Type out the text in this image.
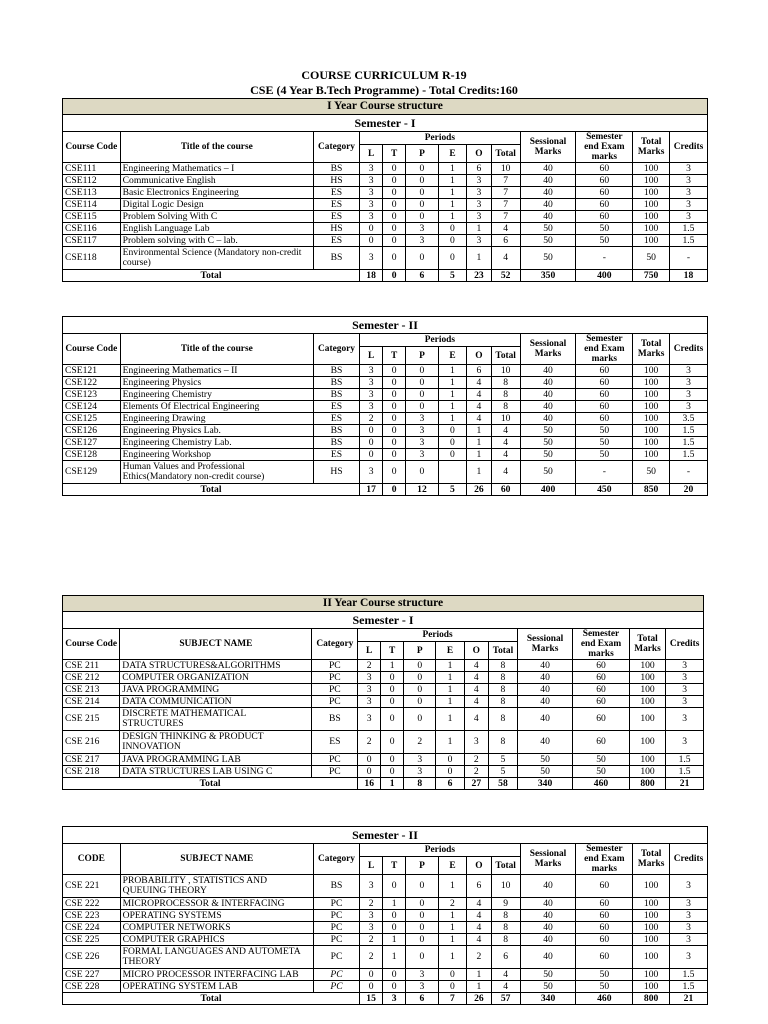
COURSE CURRICULUM R-19
CSE (4 Year B.Tech Programme) - Total Credits:160
I Year Course structure
Semester - I
Course Code	Title of the course	Category	Periods						Sessional Marks	Semester end Exam marks	Total Marks	Credits
			L	T	P	E	O	Total				
CSE111	Engineering Mathematics – I	BS	3	0	0	1	6	10	40	60	100	3
CSE112	Communicative English	HS	3	0	0	1	3	7	40	60	100	3
CSE113	Basic Electronics Engineering	ES	3	0	0	1	3	7	40	60	100	3
CSE114	Digital Logic Design	ES	3	0	0	1	3	7	40	60	100	3
CSE115	Problem Solving With C	ES	3	0	0	1	3	7	40	60	100	3
CSE116	English Language Lab	HS	0	0	3	0	1	4	50	50	100	1.5
CSE117	Problem solving with C – lab.	ES	0	0	3	0	3	6	50	50	100	1.5
CSE118	Environmental Science (Mandatory non-credit course)	BS	3	0	0	0	1	4	50	-	50	-
Total			18	0	6	5	23	52	350	400	750	18
Semester - II
Course Code	Title of the course	Category	Periods						Sessional Marks	Semester end Exam marks	Total Marks	Credits
			L	T	P	E	O	Total				
CSE121	Engineering Mathematics – II	BS	3	0	0	1	6	10	40	60	100	3
CSE122	Engineering Physics	BS	3	0	0	1	4	8	40	60	100	3
CSE123	Engineering Chemistry	BS	3	0	0	1	4	8	40	60	100	3
CSE124	Elements Of Electrical Engineering	ES	3	0	0	1	4	8	40	60	100	3
CSE125	Engineering Drawing	ES	2	0	3	1	4	10	40	60	100	3.5
CSE126	Engineering Physics Lab.	BS	0	0	3	0	1	4	50	50	100	1.5
CSE127	Engineering Chemistry Lab.	BS	0	0	3	0	1	4	50	50	100	1.5
CSE128	Engineering Workshop	ES	0	0	3	0	1	4	50	50	100	1.5
CSE129	Human Values and Professional Ethics(Mandatory non-credit course)	HS	3	0	0		1	4	50	-	50	-
Total			17	0	12	5	26	60	400	450	850	20
II Year Course structure
Semester - I
Course Code	SUBJECT NAME	Category	Periods						Sessional Marks	Semester end Exam marks	Total Marks	Credits
			L	T	P	E	O	Total				
CSE 211	DATA STRUCTURES&ALGORITHMS	PC	2	1	0	1	4	8	40	60	100	3
CSE 212	COMPUTER ORGANIZATION	PC	3	0	0	1	4	8	40	60	100	3
CSE 213	JAVA PROGRAMMING	PC	3	0	0	1	4	8	40	60	100	3
CSE 214	DATA COMMUNICATION	PC	3	0	0	1	4	8	40	60	100	3
CSE 215	DISCRETE MATHEMATICAL STRUCTURES	BS	3	0	0	1	4	8	40	60	100	3
CSE 216	DESIGN THINKING & PRODUCT INNOVATION	ES	2	0	2	1	3	8	40	60	100	3
CSE 217	JAVA PROGRAMMING LAB	PC	0	0	3	0	2	5	50	50	100	1.5
CSE 218	DATA STRUCTURES LAB USING C	PC	0	0	3	0	2	5	50	50	100	1.5
Total			16	1	8	6	27	58	340	460	800	21
Semester - II
CODE	SUBJECT NAME	Category	Periods						Sessional Marks	Semester end Exam marks	Total Marks	Credits
			L	T	P	E	O	Total				
CSE 221	PROBABILITY , STATISTICS AND QUEUING THEORY	BS	3	0	0	1	6	10	40	60	100	3
CSE 222	MICROPROCESSOR & INTERFACING	PC	2	1	0	2	4	9	40	60	100	3
CSE 223	OPERATING SYSTEMS	PC	3	0	0	1	4	8	40	60	100	3
CSE 224	COMPUTER NETWORKS	PC	3	0	0	1	4	8	40	60	100	3
CSE 225	COMPUTER GRAPHICS	PC	2	1	0	1	4	8	40	60	100	3
CSE 226	FORMAL LANGUAGES AND AUTOMETA THEORY	PC	2	1	0	1	2	6	40	60	100	3
CSE 227	MICRO PROCESSOR INTERFACING LAB	PC	0	0	3	0	1	4	50	50	100	1.5
CSE 228	OPERATING SYSTEM LAB	PC	0	0	3	0	1	4	50	50	100	1.5
Total			15	3	6	7	26	57	340	460	800	21
